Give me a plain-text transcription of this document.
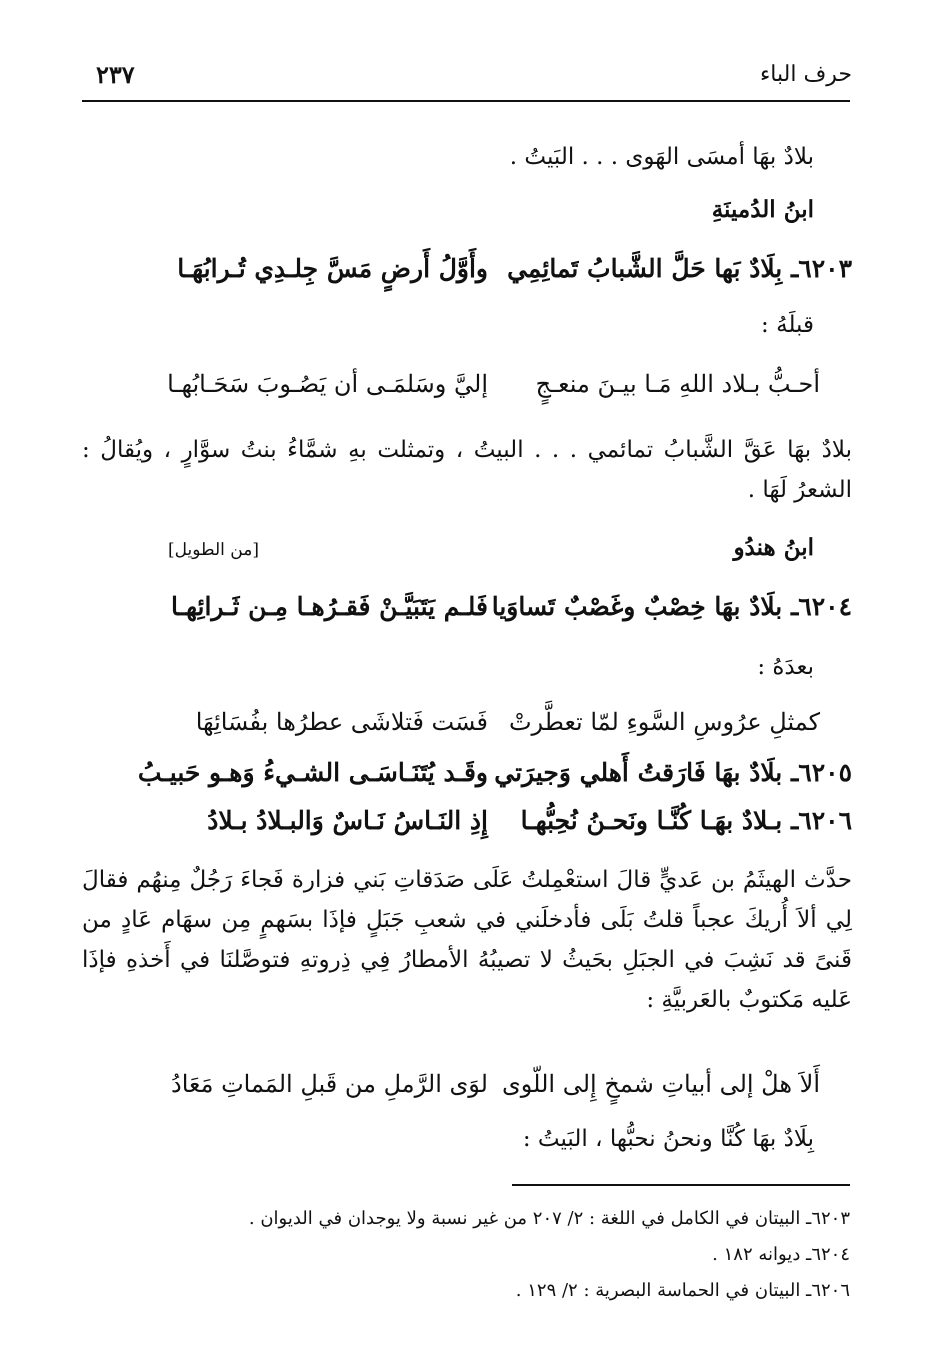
٢٣٧	حرف الباء
بلادٌ بهَا أمسَى الهَوى . . . البَيتُ .
ابنُ الدُمينَةِ
٦٢٠٣ـ بِلَادٌ بَها حَلَّ الشَّبابُ تَمائِمِي
وأَوَّلُ أَرضٍ مَسَّ جِلـدِي تُـرابُهَـا
قبلَهُ :
أحـبُّ بـلاد اللهِ مَـا بيـنَ منعـجٍ
إليَّ وسَلمَـى أن يَصُـوبَ سَحَـابُهـا
بلادٌ بهَا عَقَّ الشَّبابُ تمائمي . . . البيتُ ، وتمثلت بهِ شمَّاءُ بنتُ سوَّارٍ ، ويُقالُ : الشعرُ لَهَا .
ابنُ هندُو
[من الطويل]
٦٢٠٤ـ بلَادٌ بهَا خِصْبٌ وغَصْبٌ تَساوَيا
فَلـم يَتَبَيَّـنْ فَقـرُهـا مِـن ثَـرائِهـا
بعدَهُ :
كمثلِ عرُوسِ السَّوءِ لمّا تعطَّرتْ
فَسَت فَتلاشَى عطرُها بفُسَائِهَا
٦٢٠٥ـ بلَادٌ بهَا فَارَقتُ أَهلي وَجيرَتي
وقَـد يُتَنَـاسَـى الشـيءُ وَهـو حَبيـبُ
٦٢٠٦ـ بـلادٌ بهَـا كُنَّـا ونَحـنُ نُحِبُّهـا
إِذِ النَـاسُ نَـاسٌ وَالبـلادُ بـلادُ
حدَّث الهيثَمُ بن عَديٍّ قالَ استعْمِلتُ عَلَى صَدَقاتِ بَني فزارة فَجاءَ رَجُلٌ مِنهُم فقالَ لِي ألاَ أُريكَ عجباً قلتُ بَلَى فأدخلَني في شعبِ جَبَلٍ فإذَا بسَهمٍ مِن سهَام عَادٍ من قَنىً قد نَشِبَ في الجبَلِ بحَيثُ لا تصيبُهُ الأمطارُ فِي ذِروتهِ فتوصَّلنَا في أَخذهِ فإذَا عَليه مَكتوبٌ بالعَربيَّةِ :
أَلاَ هلْ إلى أبياتِ شمخٍ إِلى اللّوى
لوَى الرَّملِ من قَبلِ المَماتِ مَعَادُ
بِلَادٌ بهَا كُنَّا ونحنُ نحبُّها ، البَيتُ :
٦٢٠٣ـ البيتان في الكامل في اللغة : ٢/ ٢٠٧ من غير نسبة ولا يوجدان في الديوان .
٦٢٠٤ـ ديوانه ١٨٢ .
٦٢٠٦ـ البيتان في الحماسة البصرية : ٢/ ١٢٩ .
